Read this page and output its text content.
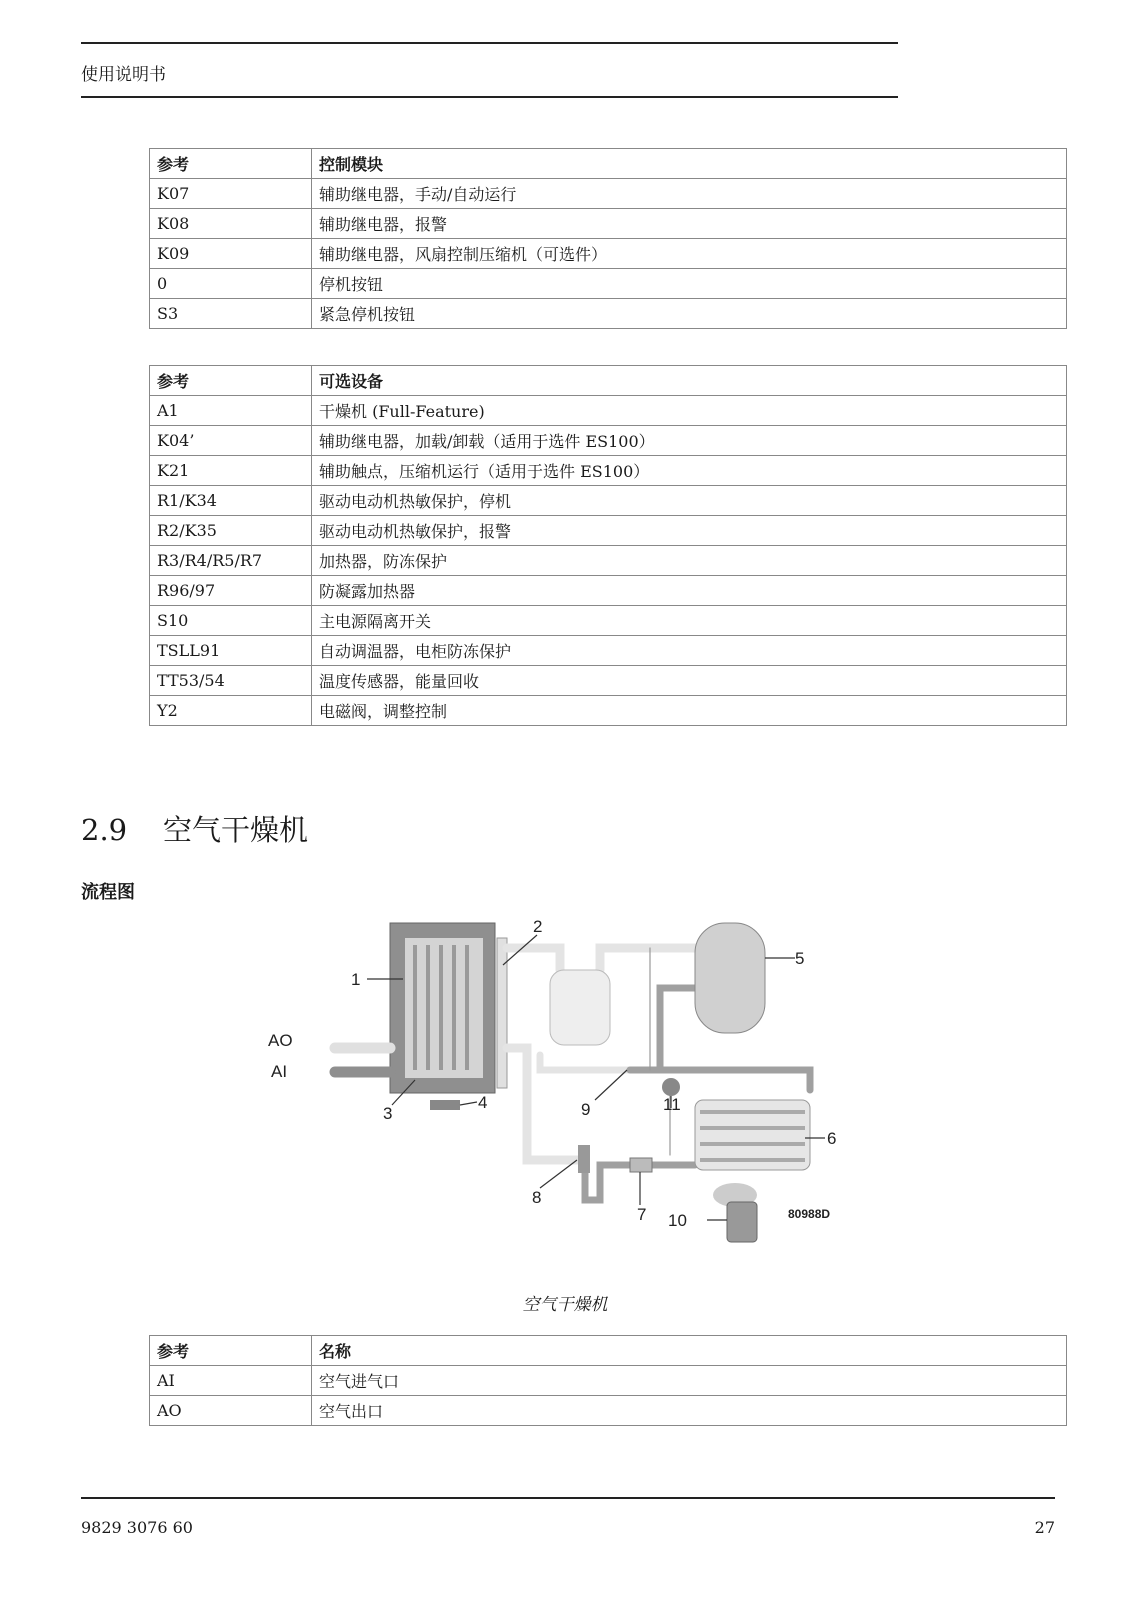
使用说明书
参考	控制模块
K07	辅助继电器，手动/自动运行
K08	辅助继电器，报警
K09	辅助继电器，风扇控制压缩机（可选件）
0	停机按钮
S3	紧急停机按钮
参考	可选设备
A1	干燥机 (Full-Feature)
K04’	辅助继电器，加载/卸载（适用于选件 ES100）
K21	辅助触点，压缩机运行（适用于选件 ES100）
R1/K34	驱动电动机热敏保护，停机
R2/K35	驱动电动机热敏保护，报警
R3/R4/R5/R7	加热器，防冻保护
R96/97	防凝露加热器
S10	主电源隔离开关
TSLL91	自动调温器，电柜防冻保护
TT53/54	温度传感器，能量回收
Y2	电磁阀，调整控制
2.9 空气干燥机
流程图
1
2
3
4
5
6
7
8
9
10
11
AO
AI
80988D
空气干燥机
参考	名称
AI	空气进气口
AO	空气出口
9829 3076 60	27
